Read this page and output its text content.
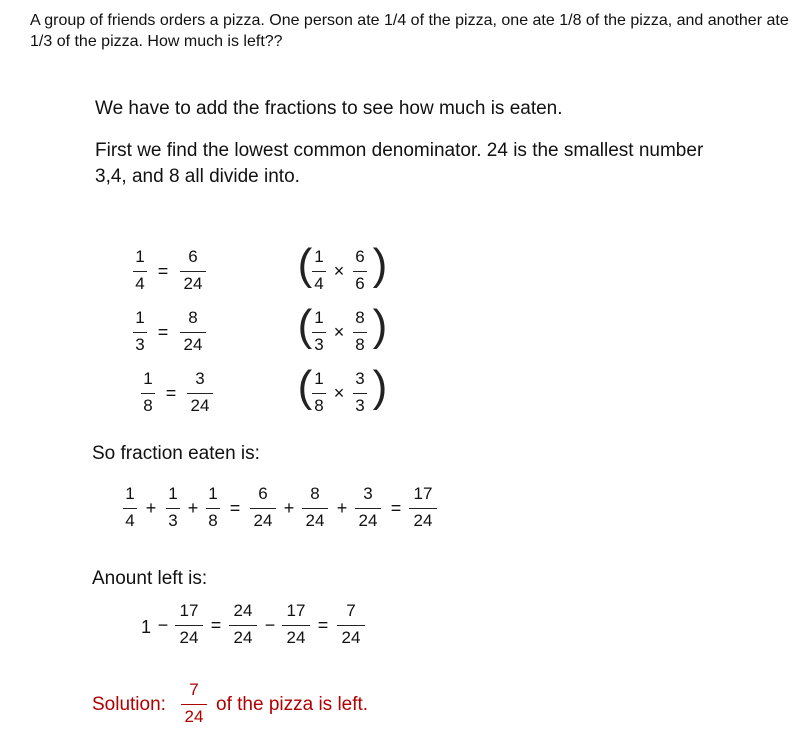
A group of friends orders a pizza. One person ate 1/4 of the pizza, one ate 1/8 of the pizza, and another ate 1/3 of the pizza. How much is left??
We have to add the fractions to see how much is eaten.
First we find the lowest common denominator. 24 is the smallest number 3,4, and 8 all divide into.
1
4
=
6
24 ( 1
4
×
6
6 )
1
3
=
8
24 ( 1
3
×
8
8 )
1
8
=
3
24 ( 1
8
×
3
3 )
So fraction eaten is:
1
4
1
3
1
8
6
24
8
24
3
24
17
24
+ + = + + =
Anount left is:
1
17
24
24
24
17
24
7
24
− = − =
Solution:
7
24
of the pizza is left.
